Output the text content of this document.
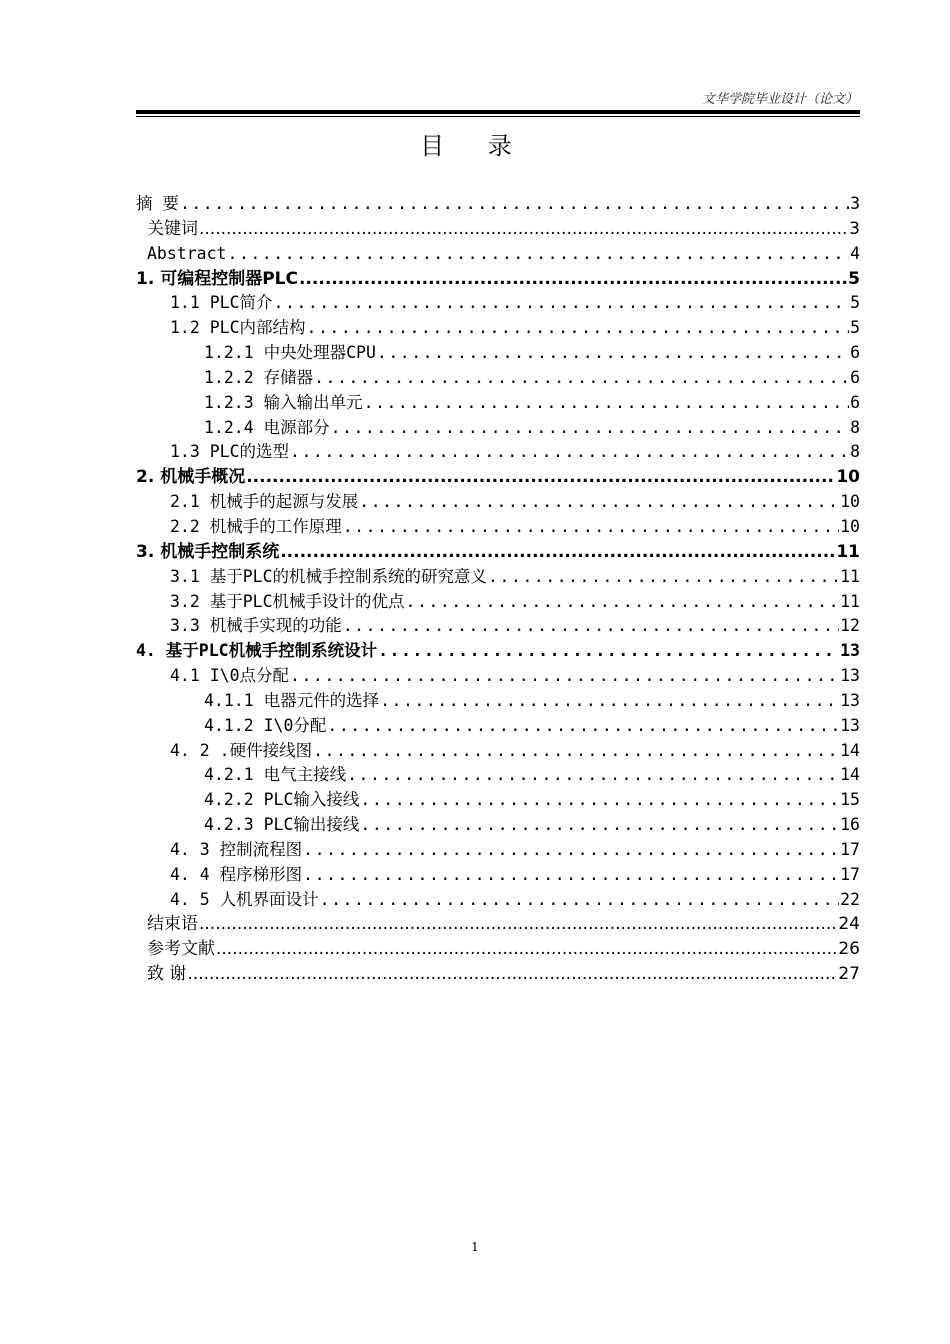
文华学院毕业设计（论文）
目 录
摘 要 .....	3
关键词 .....	3
Abstract .....	4
1. 可编程控制器PLC .....	5
1.1 PLC简介 .....	5
1.2 PLC内部结构 .....	5
1.2.1 中央处理器CPU .....	6
1.2.2 存储器 .....	6
1.2.3 输入输出单元 .....	6
1.2.4 电源部分 .....	8
1.3 PLC的选型 .....	8
2. 机械手概况 .....	10
2.1 机械手的起源与发展 .....	10
2.2 机械手的工作原理 .....	10
3. 机械手控制系统 .....	11
3.1 基于PLC的机械手控制系统的研究意义 .....	11
3.2 基于PLC机械手设计的优点 .....	11
3.3 机械手实现的功能 .....	12
4. 基于PLC机械手控制系统设计 .....	13
4.1 I\0点分配 .....	13
4.1.1 电器元件的选择 .....	13
4.1.2 I\0分配 .....	13
4. 2 .硬件接线图 .....	14
4.2.1 电气主接线 .....	14
4.2.2 PLC输入接线 .....	15
4.2.3 PLC输出接线 .....	16
4. 3 控制流程图 .....	17
4. 4 程序梯形图 .....	17
4. 5 人机界面设计 .....	22
结束语 .....	24
参考文献 .....	26
致 谢 .....	27
1
